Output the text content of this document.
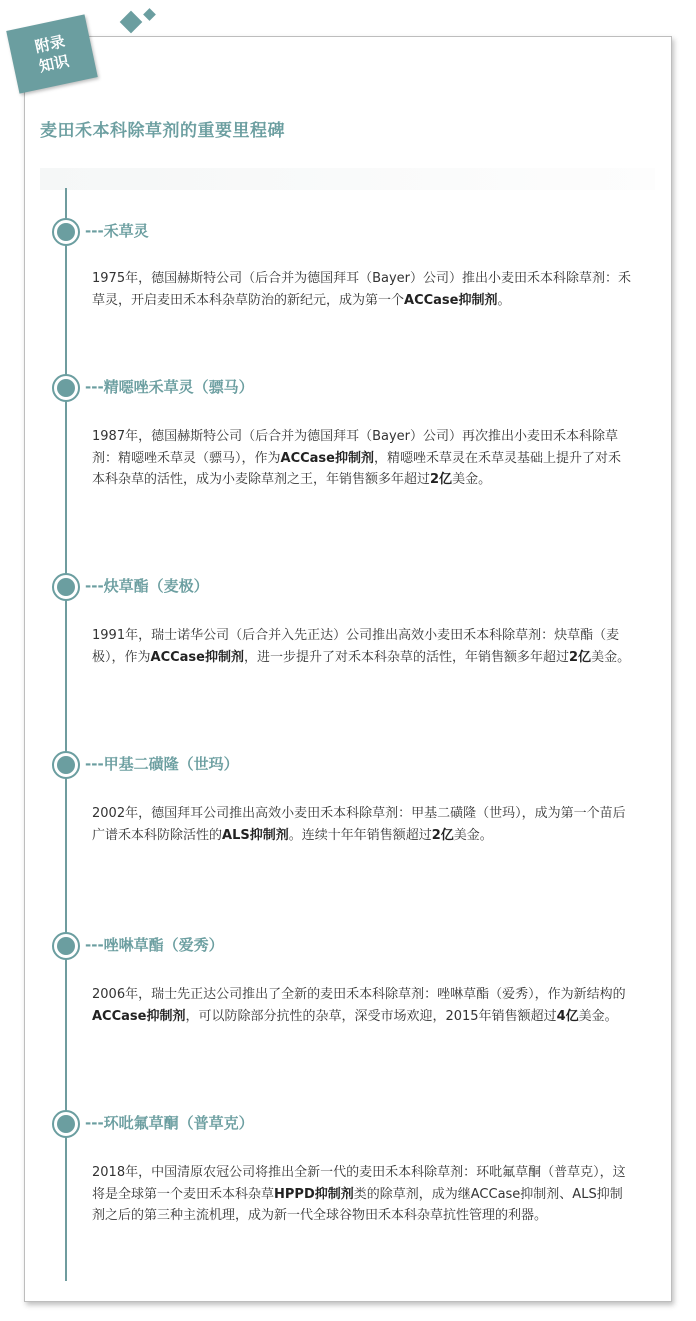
附录
知识
麦田禾本科除草剂的重要里程碑
---禾草灵

1975年，德国赫斯特公司（后合并为德国拜耳（Bayer）公司）推出小麦田禾本科除草剂：禾草灵，开启麦田禾本科杂草防治的新纪元，成为第一个ACCase抑制剂。

---精噁唑禾草灵（骠马）

1987年，德国赫斯特公司（后合并为德国拜耳（Bayer）公司）再次推出小麦田禾本科除草剂：精噁唑禾草灵（骠马），作为ACCase抑制剂，精噁唑禾草灵在禾草灵基础上提升了对禾本科杂草的活性，成为小麦除草剂之王，年销售额多年超过2亿美金。

---炔草酯（麦极）

1991年，瑞士诺华公司（后合并入先正达）公司推出高效小麦田禾本科除草剂：炔草酯（麦极），作为ACCase抑制剂，进一步提升了对禾本科杂草的活性，年销售额多年超过2亿美金。

---甲基二磺隆（世玛）

2002年，德国拜耳公司推出高效小麦田禾本科除草剂：甲基二磺隆（世玛），成为第一个苗后广谱禾本科防除活性的ALS抑制剂。连续十年年销售额超过2亿美金。

---唑啉草酯（爱秀）

2006年，瑞士先正达公司推出了全新的麦田禾本科除草剂：唑啉草酯（爱秀），作为新结构的ACCase抑制剂，可以防除部分抗性的杂草，深受市场欢迎，2015年销售额超过4亿美金。

---环吡氟草酮（普草克）

2018年，中国清原农冠公司将推出全新一代的麦田禾本科除草剂：环吡氟草酮（普草克），这将是全球第一个麦田禾本科杂草HPPD抑制剂类的除草剂，成为继ACCase抑制剂、ALS抑制剂之后的第三种主流机理，成为新一代全球谷物田禾本科杂草抗性管理的利器。
